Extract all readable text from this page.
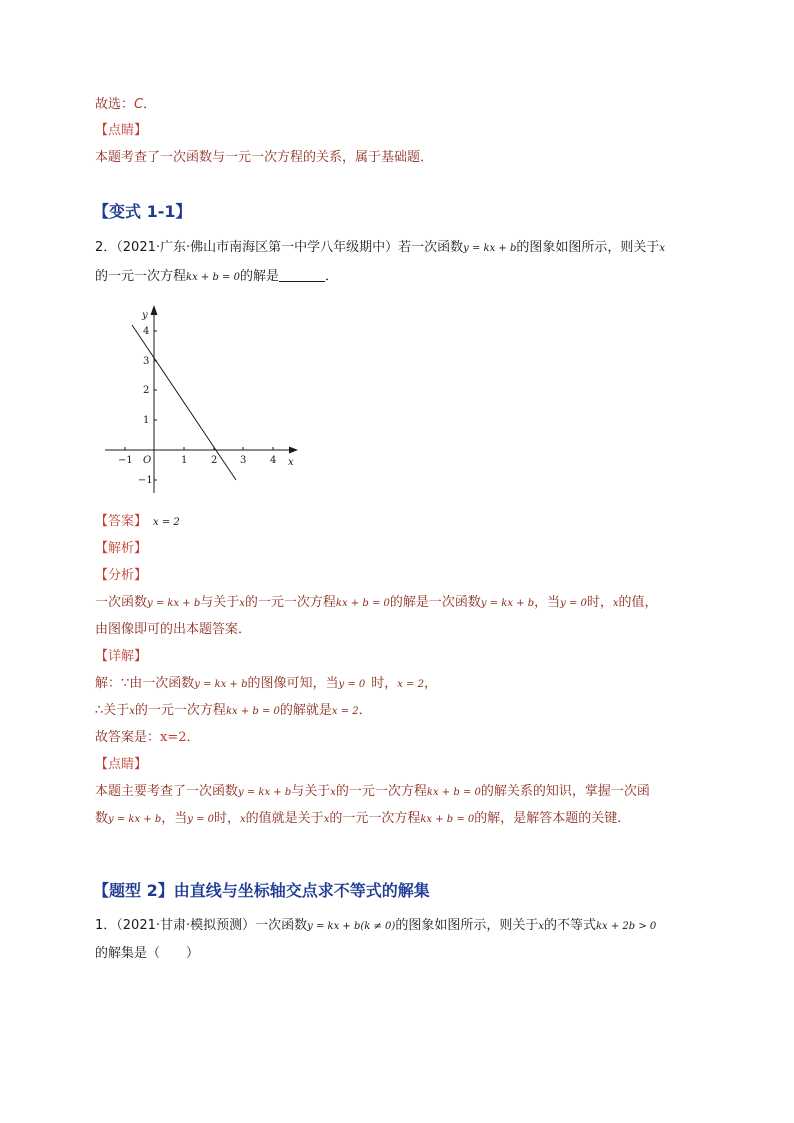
故选：C．
【点睛】
本题考查了一次函数与一元一次方程的关系，属于基础题．
【变式 1-1】
2．（2021·广东·佛山市南海区第一中学八年级期中）若一次函数y = kx + b的图象如图所示，则关于x
的一元一次方程kx + b = 0的解是	．
y
x
O
−1	1 2 3 4
4
3
2
1
−1
【答案】 x = 2
【解析】
【分析】
一次函数y = kx + b与关于x的一元一次方程kx + b = 0的解是一次函数y = kx + b，当y = 0时，x的值，
由图像即可的出本题答案．
【详解】
解：∵由一次函数y = kx + b的图像可知，当y = 0 时，x = 2，
∴关于x的一元一次方程kx + b = 0的解就是x = 2．
故答案是：x=2．
【点睛】
本题主要考查了一次函数y = kx + b与关于x的一元一次方程kx + b = 0的解关系的知识，掌握一次函
数y = kx + b，当y = 0时，x的值就是关于x的一元一次方程kx + b = 0的解，是解答本题的关键．
【题型 2】由直线与坐标轴交点求不等式的解集
1．（2021·甘肃·模拟预测）一次函数y = kx + b(k ≠ 0)的图象如图所示，则关于x的不等式kx + 2b > 0
的解集是（　　）
